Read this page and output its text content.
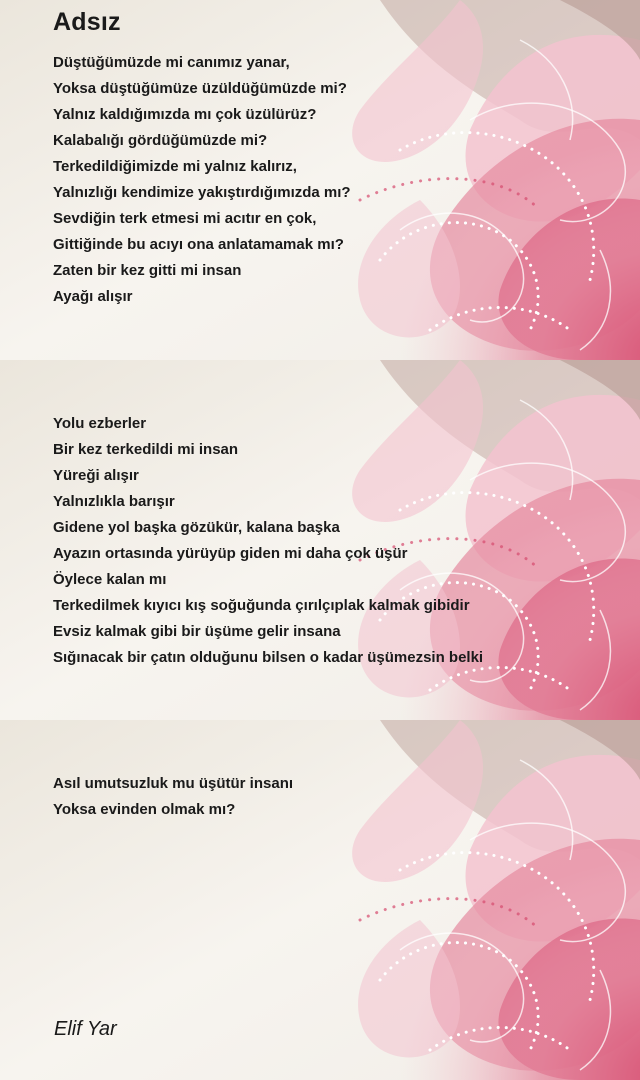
Adsız
Düştüğümüzde mi canımız yanar,
Yoksa düştüğümüze üzüldüğümüzde mi?
Yalnız kaldığımızda mı çok üzülürüz?
Kalabalığı gördüğümüzde mi?
Terkedildiğimizde mi yalnız kalırız,
Yalnızlığı kendimize yakıştırdığımızda mı?
Sevdiğin terk etmesi mi acıtır en çok,
Gittiğinde bu acıyı ona anlatamamak mı?
Zaten bir kez gitti mi insan
Ayağı alışır
Yolu ezberler
Bir kez terkedildi mi insan
Yüreği alışır
Yalnızlıkla barışır
Gidene yol başka gözükür, kalana başka
Ayazın ortasında yürüyüp giden mi daha çok üşür
Öylece kalan mı
Terkedilmek kıyıcı kış soğuğunda çırılçıplak kalmak gibidir
Evsiz kalmak gibi bir üşüme gelir insana
Sığınacak bir çatın olduğunu bilsen o kadar üşümezsin belki
Asıl umutsuzluk mu üşütür insanı
Yoksa evinden olmak mı?
Elif Yar
